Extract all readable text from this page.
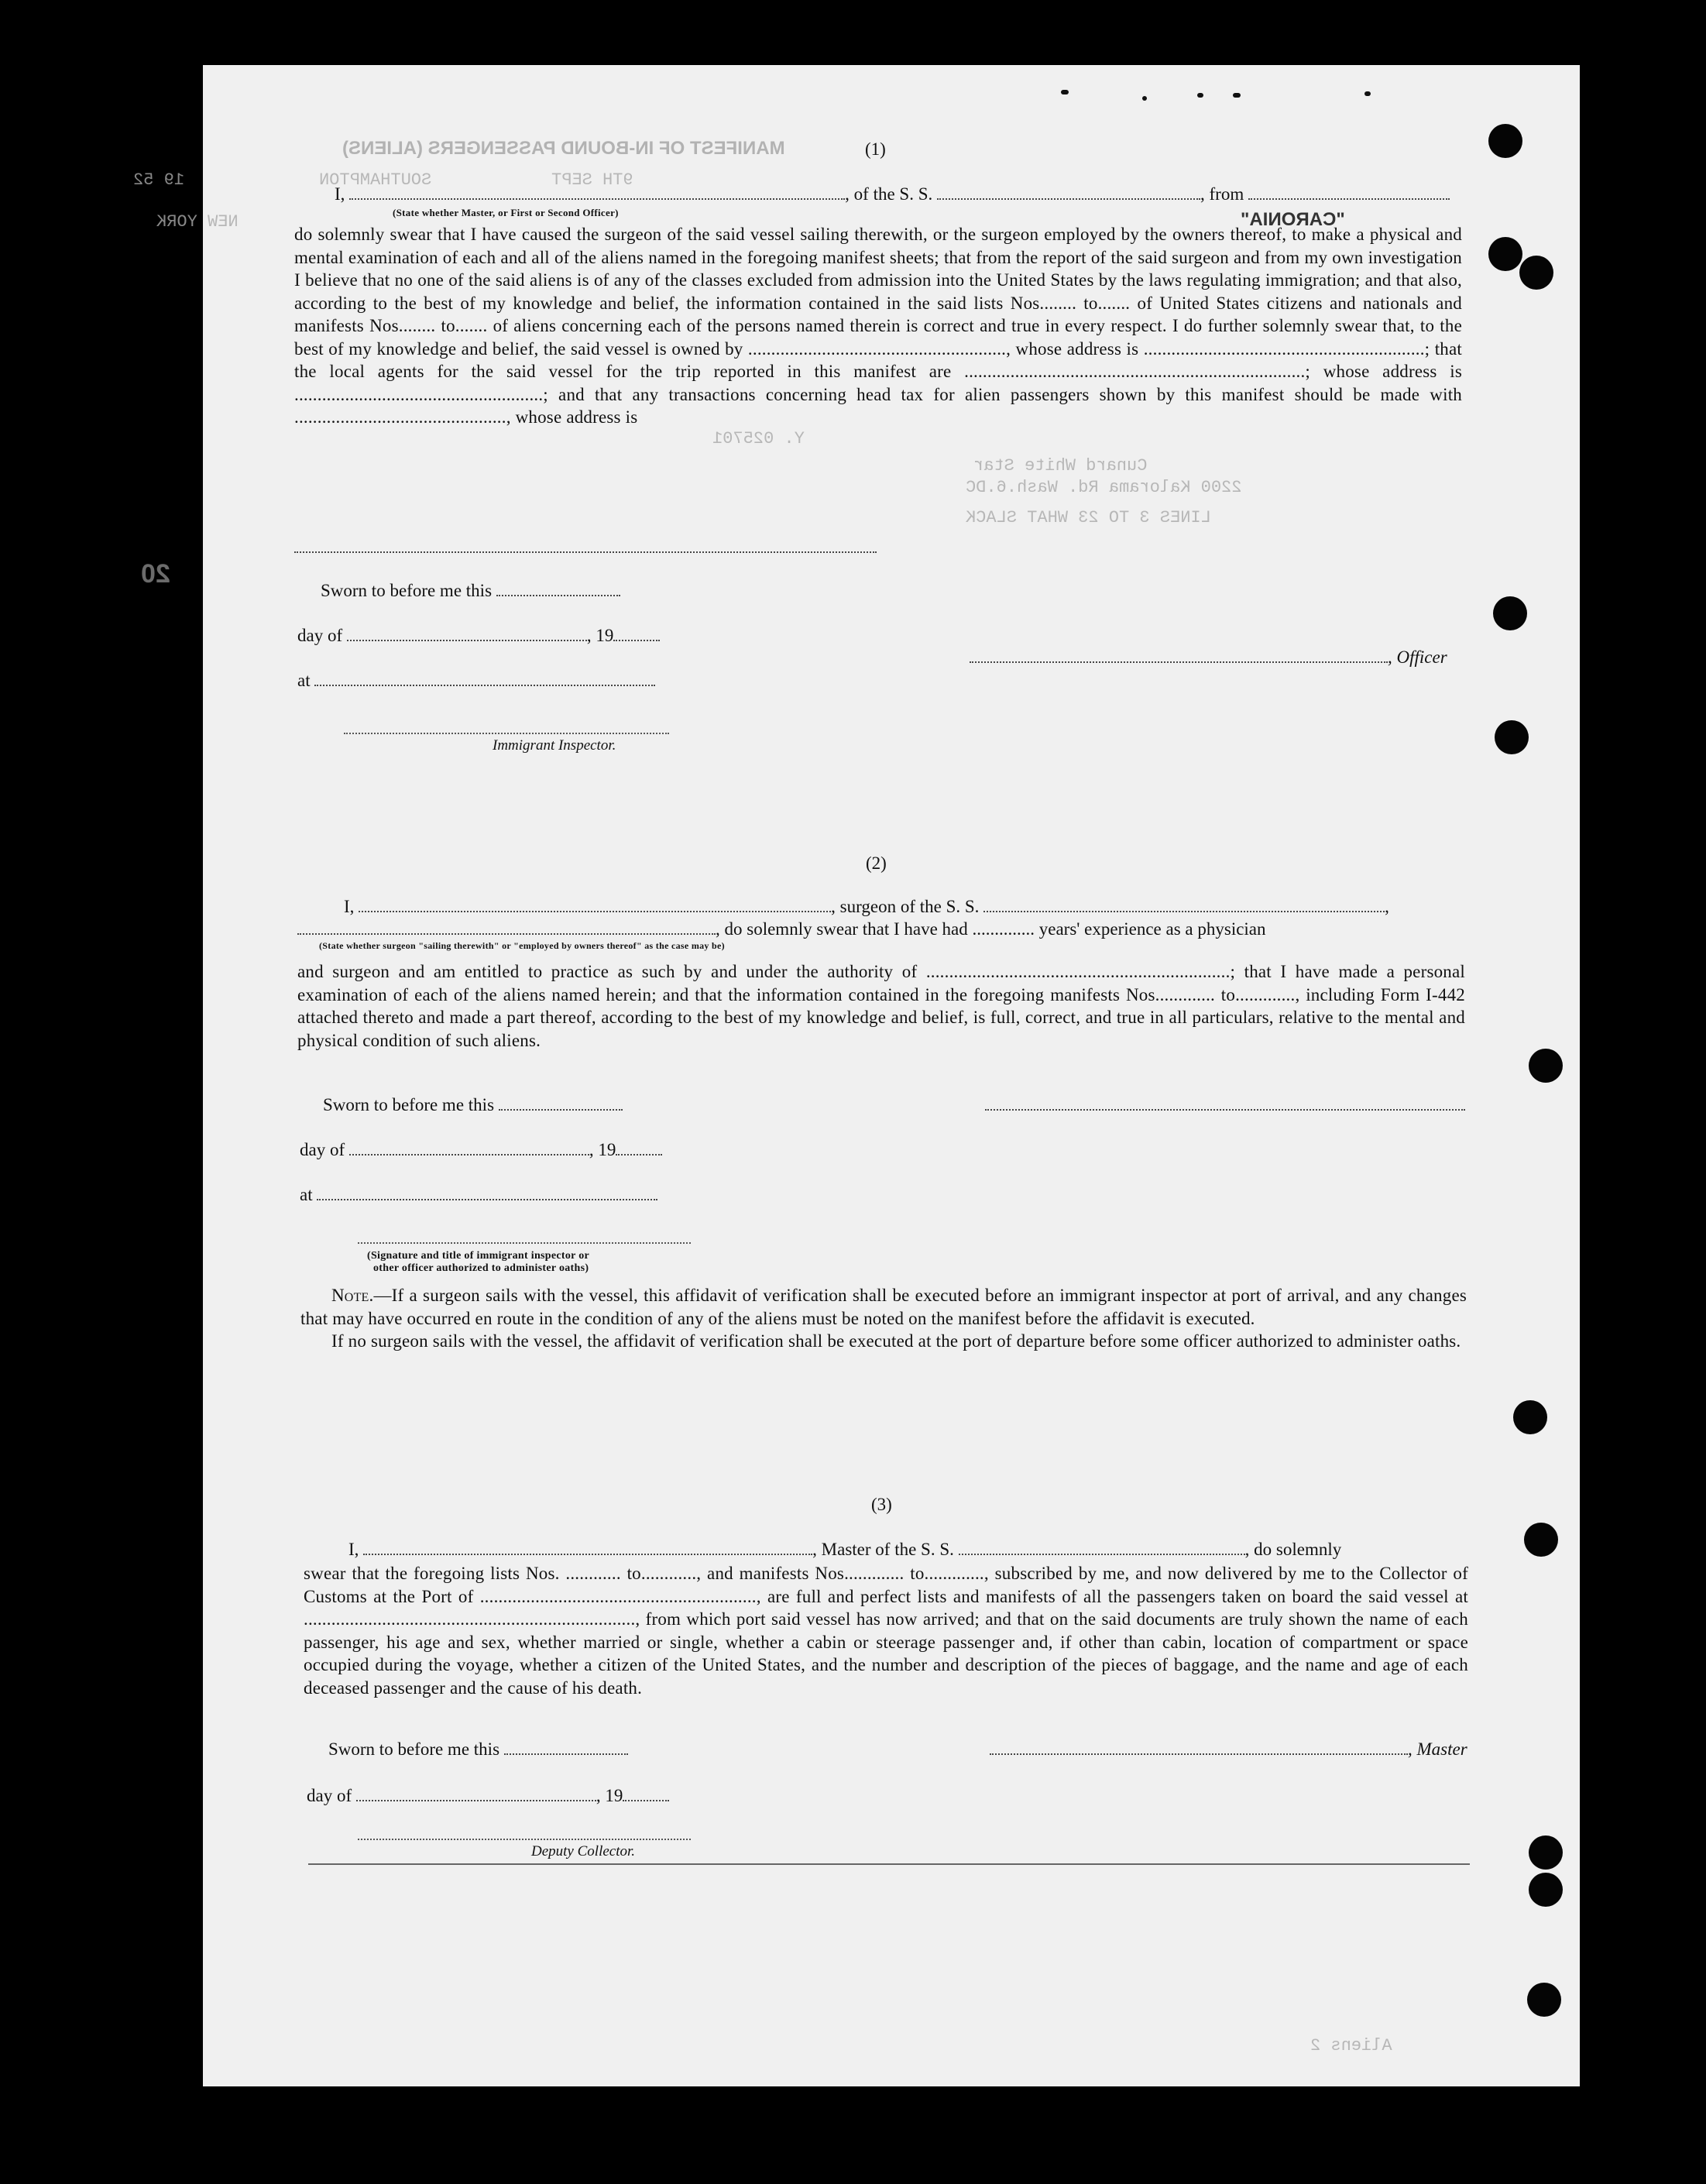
MANIFEST OF IN-BOUND PASSENGERS (ALIENS)
SOUTHAMPTON	9TH SEPT
19 52
NEW YORK	"CARONIA"
Y. 025701
Cunard White Star
2200 Kalorama Rd. Wash.6.DC
LINES 3 TO 23 WHAT SLACK
Aliens 2
20
(1)
I,	, of the S. S.	, from
(State whether Master, or First or Second Officer)

do solemnly swear that I have caused the surgeon of the said vessel sailing therewith, or the surgeon employed by the owners thereof, to make a physical and mental examination of each and all of the aliens named in the foregoing manifest sheets; that from the report of the said surgeon and from my own investigation I believe that no one of the said aliens is of any of the classes excluded from admission into the United States by the laws regulating immigration; and that also, according to the best of my knowledge and belief, the information contained in the said lists Nos........ to....... of United States citizens and nationals and manifests Nos........ to....... of aliens concerning each of the persons named therein is correct and true in every respect. I do further solemnly swear that, to the best of my knowledge and belief, the said vessel is owned by ........................................................, whose address is .............................................................; that the local agents for the said vessel for the trip reported in this manifest are ..........................................................................; whose address is ......................................................; and that any transactions concerning head tax for alien passengers shown by this manifest should be made with .............................................., whose address is

Sworn to before me this
day of	, 19
at
, Officer
Immigrant Inspector.
(2)
I,	, surgeon of the S. S.	,
, do solemnly swear that I have had .............. years' experience as a physician
(State whether surgeon "sailing therewith" or "employed by owners thereof" as the case may be)

and surgeon and am entitled to practice as such by and under the authority of ..................................................................; that I have made a personal examination of each of the aliens named herein; and that the information contained in the foregoing manifests Nos............. to............., including Form I-442 attached thereto and made a part thereof, according to the best of my knowledge and belief, is full, correct, and true in all particulars, relative to the mental and physical condition of such aliens.

Sworn to before me this
day of	, 19
at
(Signature and title of immigrant inspector or
other officer authorized to administer oaths)

Note.—If a surgeon sails with the vessel, this affidavit of verification shall be executed before an immigrant inspector at port of arrival, and any changes that may have occurred en route in the condition of any of the aliens must be noted on the manifest before the affidavit is executed.

If no surgeon sails with the vessel, the affidavit of verification shall be executed at the port of departure before some officer authorized to administer oaths.

(3)
I,	, Master of the S. S.	, do solemnly

swear that the foregoing lists Nos. ............ to............, and manifests Nos............. to............., subscribed by me, and now delivered by me to the Collector of Customs at the Port of ............................................................, are full and perfect lists and manifests of all the passengers taken on board the said vessel at ........................................................................, from which port said vessel has now arrived; and that on the said documents are truly shown the name of each passenger, his age and sex, whether married or single, whether a cabin or steerage passenger and, if other than cabin, location of compartment or space occupied during the voyage, whether a citizen of the United States, and the number and description of the pieces of baggage, and the name and age of each deceased passenger and the cause of his death.

Sworn to before me this	, Master
day of	, 19
Deputy Collector.
